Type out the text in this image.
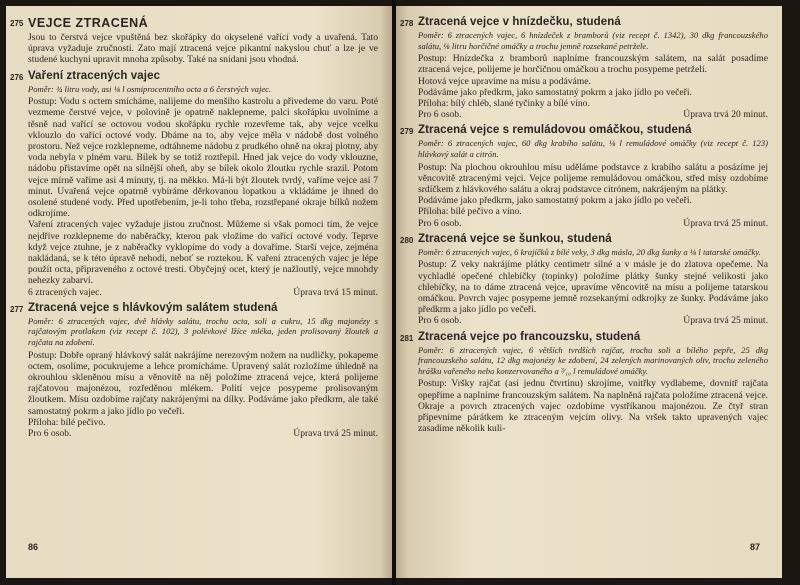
275 VEJCE ZTRACENÁ

Jsou to čerstvá vejce vpuštěná bez skořápky do okyselené vařící vody a uvařená. Tato úprava vyžaduje zručnosti. Zato mají ztracená vejce pikantní nakyslou chuť a lze je ve studené kuchyni upravit mnoha způsoby. Také na snídani jsou vhodná.

276 Vaření ztracených vajec
Poměr: ¾ litru vody, asi ⅛ l osmiprocentního octa a 6 čerstvých vajec.

Postup: Vodu s octem smícháme, nalijeme do menšího kastrolu a přivedeme do varu. Poté vezmeme čerstvé vejce, v polovině je opatrně naklepneme, palci skořápku uvolníme a těsně nad vařící se octovou vodou skořápku rychle rozevřeme tak, aby vejce vcelku vklouzlo do vařící octové vody. Dbáme na to, aby vejce měla v nádobě dost volného prostoru. Než vejce rozklepneme, odtáhneme nádobu z prudkého ohně na okraj plotny, aby voda nebyla v plném varu. Bílek by se totiž roztřepil. Hned jak vejce do vody vklouzne, nádobu přistavíme opět na silnější oheň, aby se bílek okolo žloutku rychle srazil. Potom vejce mírně vaříme asi 4 minuty, tj. na měkko. Má-li být žloutek tvrdý, vaříme vejce asi 7 minut. Uvařená vejce opatrně vybíráme děrkovanou lopatkou a vkládáme je ihned do osolené studené vody. Před upotřebením, je-li toho třeba, rozstřepané okraje bílků nožem odkrojíme.

Vaření ztracených vajec vyžaduje jistou zručnost. Můžeme si však pomoci tím, že vejce nejdříve rozklepneme do naběračky, kterou pak vložíme do vařící octové vody. Teprve když vejce ztuhne, je z naběračky vyklopíme do vody a dovaříme. Starší vejce, zejména nakládaná, se k této úpravě nehodí, neboť se roztekou. K vaření ztracených vajec je lépe použít octa, připraveného z octové tresti. Obyčejný ocet, který je nažloutlý, vejce mnohdy nehezky zabarví.

6 ztracených vajec.	Úprava trvá 15 minut.
277 Ztracená vejce s hlávkovým salátem studená
Poměr: 6 ztracených vajec, dvě hlávky salátu, trochu octa, soli a cukru, 15 dkg majonézy s rajčatovým protlakem (viz recept č. 102), 3 polévkové lžíce mléka, jeden prolisovaný žloutek a rajčata na zdobení.

Postup: Dobře opraný hlávkový salát nakrájíme nerezovým nožem na nudličky, pokapeme octem, osolíme, pocukrujeme a lehce promícháme. Upravený salát rozložíme úhledně na okrouhlou skleněnou mísu a věnovitě na něj položíme ztracená vejce, která polijeme rajčatovou majonézou, rozředěnou mlékem. Polití vejce posypeme prolisovaným žloutkem. Mísu ozdobíme rajčaty nakrájenými na dílky. Podáváme jako předkrm, ale také samostatný pokrm a jako jídlo po večeři.

Příloha: bílé pečivo.

Pro 6 osob.	Úprava trvá 25 minut.
86
278 Ztracená vejce v hnízdečku, studená
Poměr: 6 ztracených vajec, 6 hnízdeček z bramborů (viz recept č. 1342), 30 dkg francouzského salátu, ⅛ litru horčičné omáčky a trochu jemně rozsekané petržele.

Postup: Hnízdečka z bramborů naplníme francouzským salátem, na salát posadíme ztracená vejce, polijeme je horčičnou omáčkou a trochu posypeme petrželí.

Hotová vejce upravíme na mísu a podáváme.

Podáváme jako předkrm, jako samostatný pokrm a jako jídlo po večeři.

Příloha: bílý chléb, slané tyčinky a bílé víno.

Pro 6 osob.	Úprava trvá 20 minut.
279 Ztracená vejce s remuládovou omáčkou, studená
Poměr: 6 ztracených vajec, 60 dkg krabího salátu, ⅛ l remuládové omáčky (viz recept č. 123) hlávkový salát a citrón.

Postup: Na plochou okrouhlou mísu uděláme podstavce z krabího salátu a posázíme jej věncovitě ztracenými vejci. Vejce polijeme remuládovou omáčkou, střed mísy ozdobíme srdíčkem z hlávkového salátu a okraj podstavce citrónem, nakrájeným na plátky.

Podáváme jako předkrm, jako samostatný pokrm a jako jídlo po večeři.

Příloha: bílé pečivo a víno.

Pro 6 osob.	Úprava trvá 25 minut.
280 Ztracená vejce se šunkou, studená
Poměr: 6 ztracených vajec, 6 krajíčků z bílé veky, 3 dkg másla, 20 dkg šunky a ⅛ l tatarské omáčky.

Postup: Z veky nakrájíme plátky centimetr silné a v másle je do zlatova opečeme. Na vychladlé opečené chlebíčky (topinky) položíme plátky šunky stejné velikosti jako chlebíčky, na to dáme ztracená vejce, upravíme věncovitě na mísu a polijeme tatarskou omáčkou. Povrch vajec posypeme jemně rozsekanými odkrojky ze šunky. Podáváme jako předkrm a jako jídlo po večeři.

Pro 6 osob.	Úprava trvá 25 minut.
281 Ztracená vejce po francouzsku, studená
Poměr: 6 ztracených vajec, 6 větších tvrdších rajčat, trochu soli a bílého pepře, 25 dkg francouzského salátu, 12 dkg majonézy ke zdobení, 24 zelených marinovaných oliv, trochu zeleného hrášku vařeného nebo konzervovaného a ³⁄₁₀ l remuládové omáčky.

Postup: Vršky rajčat (asi jednu čtvrtinu) skrojíme, vnitřky vydlabeme, dovnitř rajčata opepříme a naplníme francouzským salátem. Na naplněná rajčata položíme ztracená vejce. Okraje a povrch ztracených vajec ozdobíme vystříkanou majonézou. Ze čtyř stran připevníme párátkem ke ztraceným vejcím olivy. Na vršek takto upravených vajec zasadíme několik kuli-

87
